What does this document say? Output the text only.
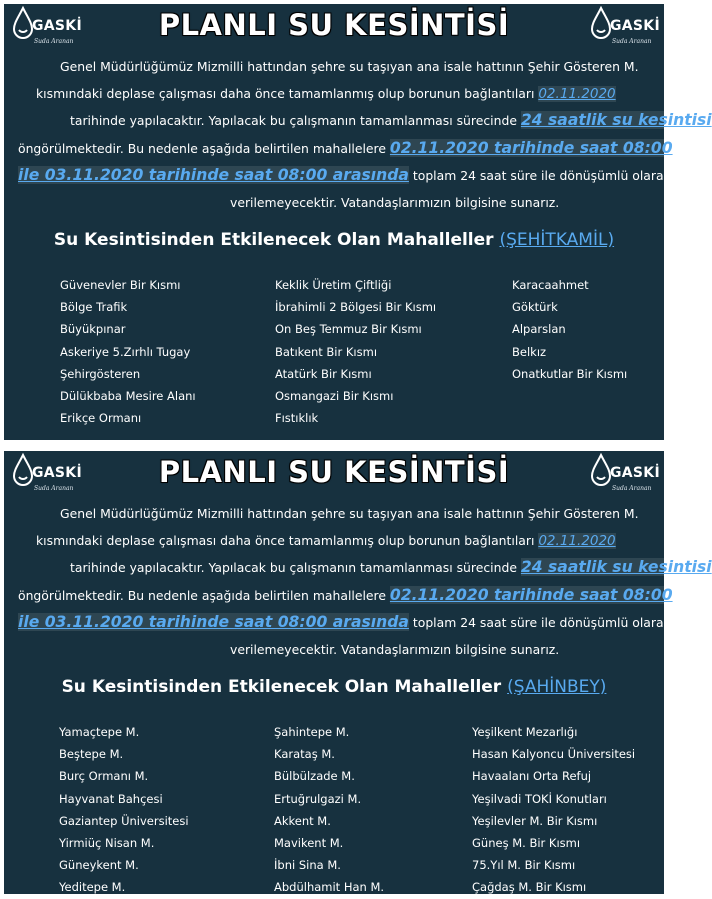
GASKİ
Suda Aranan
GASKİ
Suda Aranan
PLANLI SU KESİNTİSİ
Genel Müdürlüğümüz Mizmilli hattından şehre su taşıyan ana isale hattının Şehir Gösteren M.
kısmındaki deplase çalışması daha önce tamamlanmış olup borunun bağlantıları 02.11.2020
tarihinde yapılacaktır. Yapılacak bu çalışmanın tamamlanması sürecinde 24 saatlik su kesintisi
öngörülmektedir. Bu nedenle aşağıda belirtilen mahallelere 02.11.2020 tarihinde saat 08:00
ile 03.11.2020 tarihinde saat 08:00 arasında toplam 24 saat süre ile dönüşümlü olarak su
verilemeyecektir. Vatandaşlarımızın bilgisine sunarız.
Su Kesintisinden Etkilenecek Olan Mahalleller (ŞEHİTKAMİL)
Güvenevler Bir Kısmı
Bölge Trafik
Büyükpınar
Askeriye 5.Zırhlı Tugay
Şehirgösteren
Dülükbaba Mesire Alanı
Erikçe Ormanı
Keklik Üretim Çiftliği
İbrahimli 2 Bölgesi Bir Kısmı
On Beş Temmuz Bir Kısmı
Batıkent Bir Kısmı
Atatürk Bir Kısmı
Osmangazi Bir Kısmı
Fıstıklık
Karacaahmet
Göktürk
Alparslan
Belkız
Onatkutlar Bir Kısmı
GASKİ
Suda Aranan
GASKİ
Suda Aranan
PLANLI SU KESİNTİSİ
Genel Müdürlüğümüz Mizmilli hattından şehre su taşıyan ana isale hattının Şehir Gösteren M.
kısmındaki deplase çalışması daha önce tamamlanmış olup borunun bağlantıları 02.11.2020
tarihinde yapılacaktır. Yapılacak bu çalışmanın tamamlanması sürecinde 24 saatlik su kesintisi
öngörülmektedir. Bu nedenle aşağıda belirtilen mahallelere 02.11.2020 tarihinde saat 08:00
ile 03.11.2020 tarihinde saat 08:00 arasında toplam 24 saat süre ile dönüşümlü olarak su
verilemeyecektir. Vatandaşlarımızın bilgisine sunarız.
Su Kesintisinden Etkilenecek Olan Mahalleller (ŞAHİNBEY)
Yamaçtepe M.
Beştepe M.
Burç Ormanı M.
Hayvanat Bahçesi
Gaziantep Üniversitesi
Yirmiüç Nisan M.
Güneykent M.
Yeditepe M.
Şahintepe M.
Karataş M.
Bülbülzade M.
Ertuğrulgazi M.
Akkent M.
Mavikent M.
İbni Sina M.
Abdülhamit Han M.
Yeşilkent Mezarlığı
Hasan Kalyoncu Üniversitesi
Havaalanı Orta Refuj
Yeşilvadi TOKİ Konutları
Yeşilevler M. Bir Kısmı
Güneş M. Bir Kısmı
75.Yıl M. Bir Kısmı
Çağdaş M. Bir Kısmı
